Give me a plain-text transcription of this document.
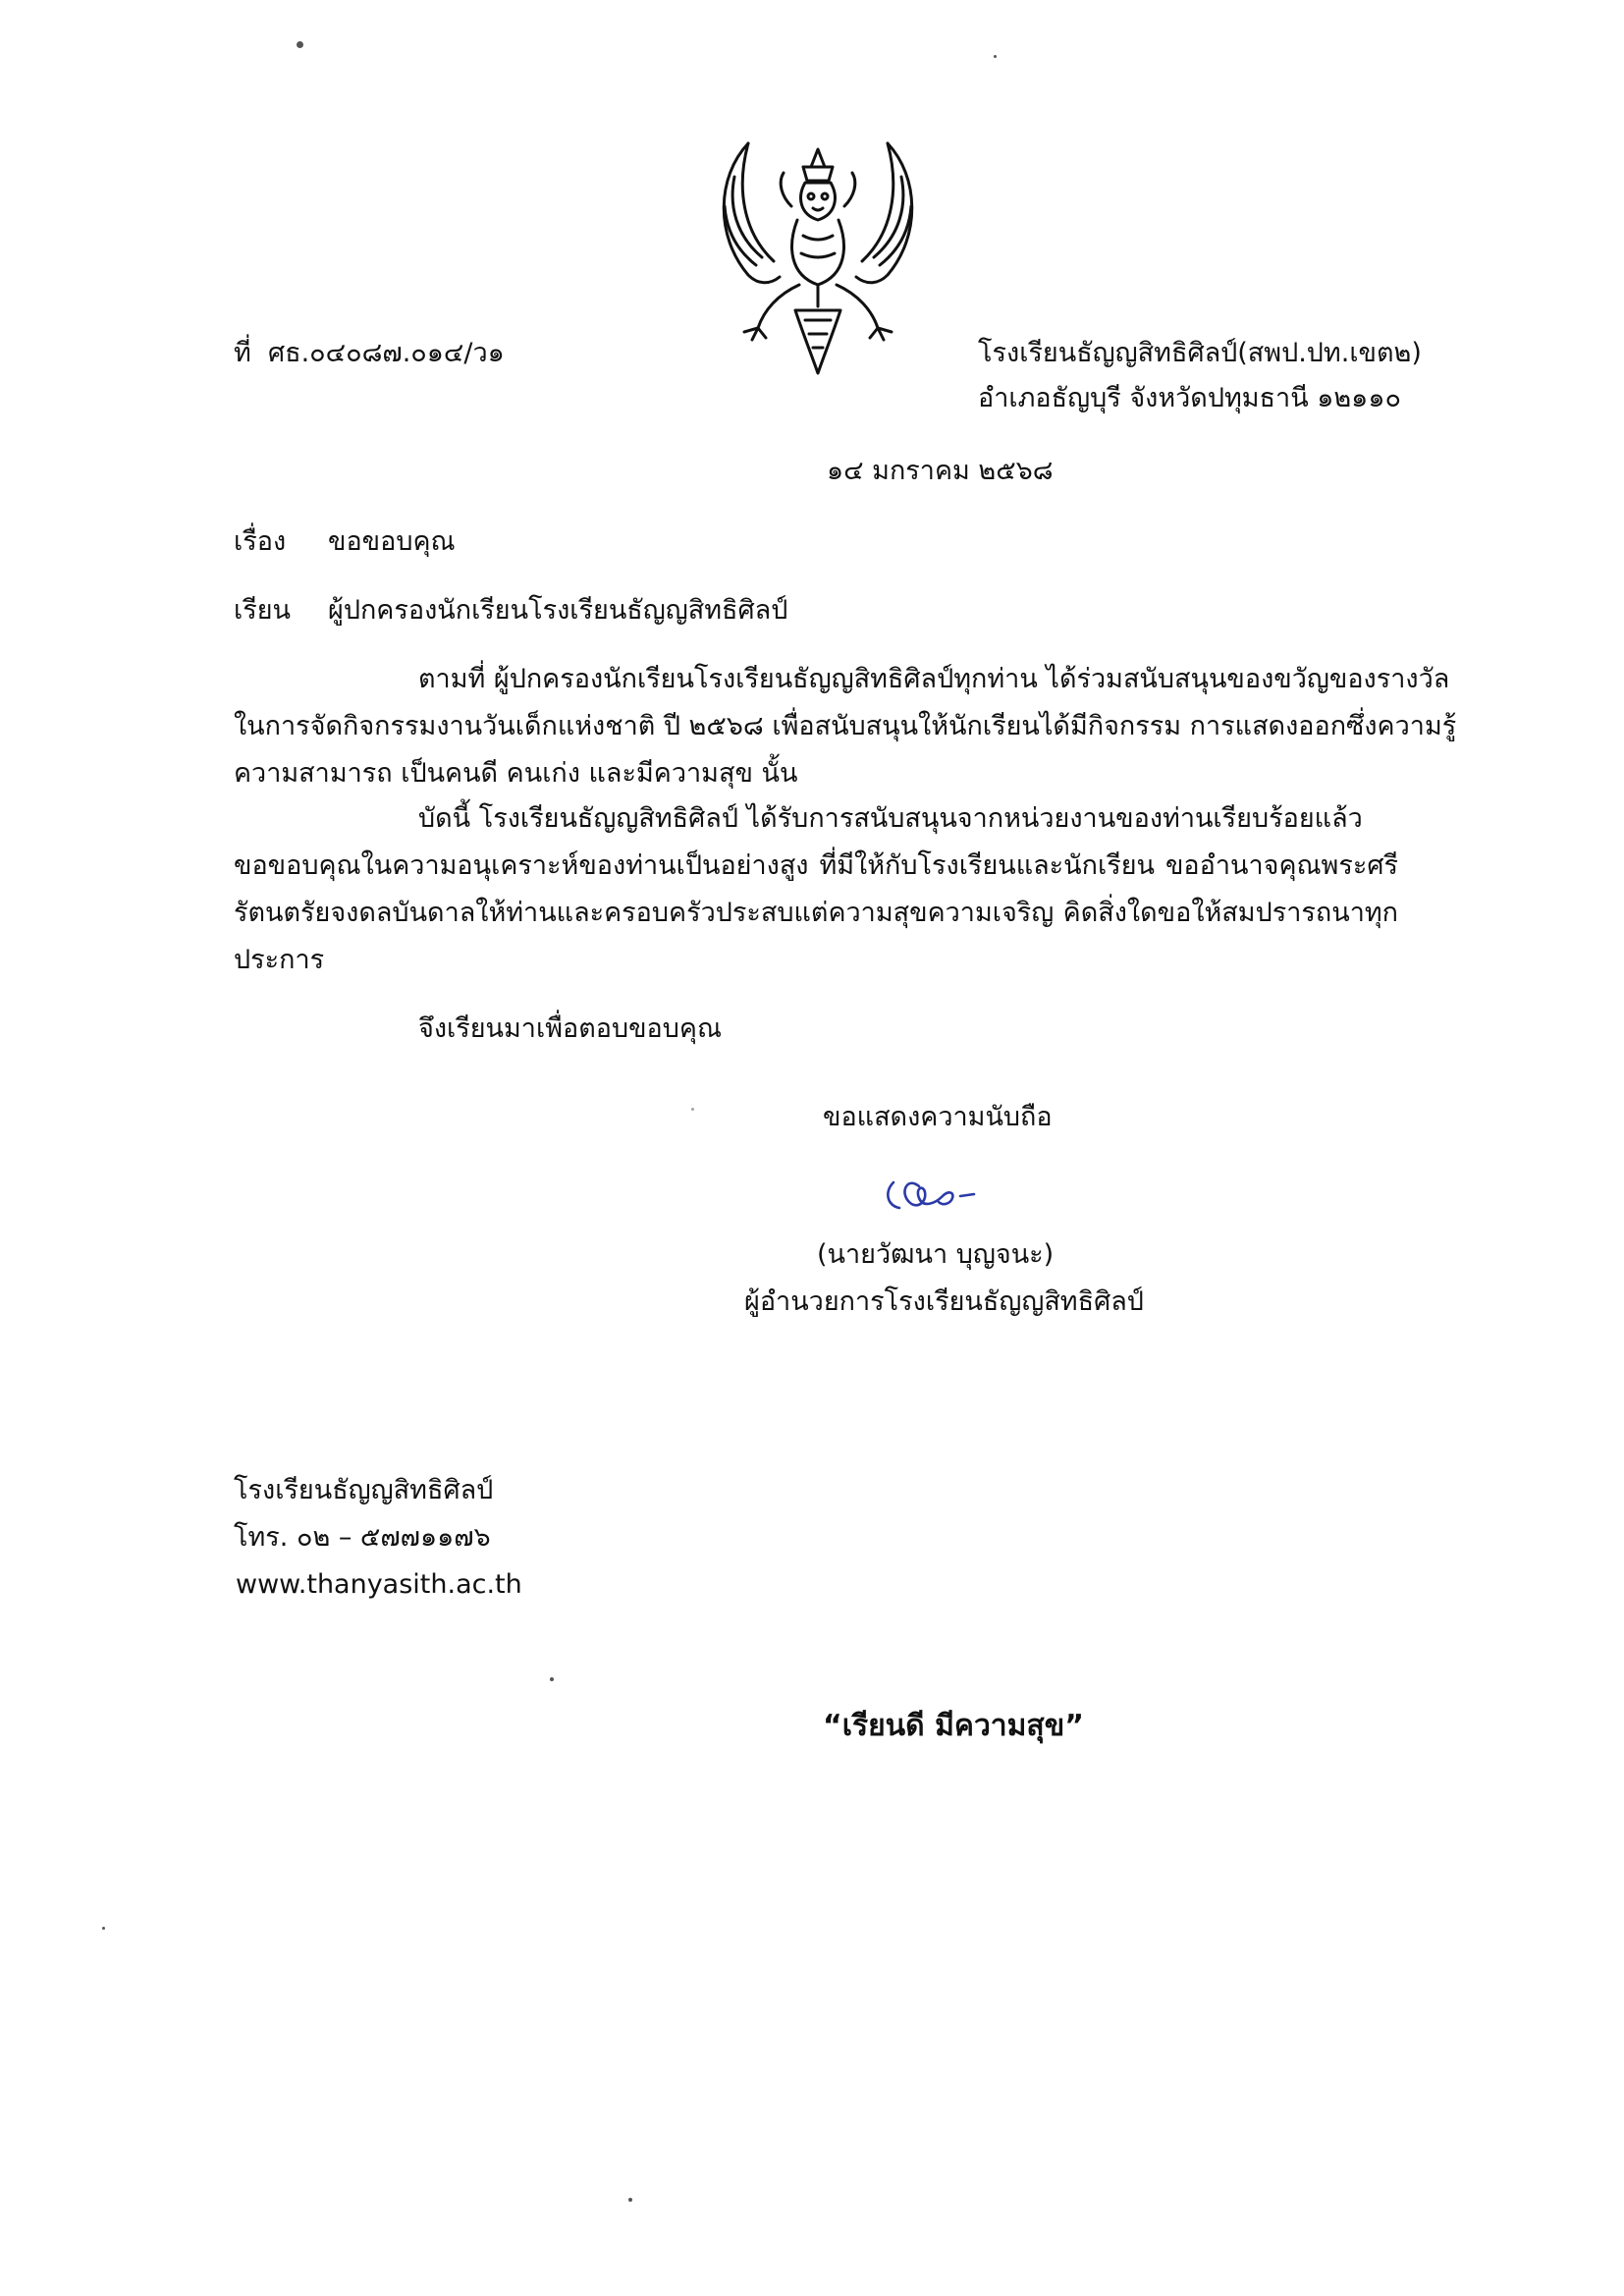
ที่ ศธ.๐๔๐๘๗.๐๑๔/ว๑	โรงเรียนธัญญสิทธิศิลป์(สพป.ปท.เขต๒)
อำเภอธัญบุรี จังหวัดปทุมธานี ๑๒๑๑๐
๑๔ มกราคม ๒๕๖๘
เรื่อง ขอขอบคุณ
เรียน ผู้ปกครองนักเรียนโรงเรียนธัญญสิทธิศิลป์
ตามที่ ผู้ปกครองนักเรียนโรงเรียนธัญญสิทธิศิลป์ทุกท่าน ได้ร่วมสนับสนุนของขวัญของรางวัล
ในการจัดกิจกรรมงานวันเด็กแห่งชาติ ปี ๒๕๖๘ เพื่อสนับสนุนให้นักเรียนได้มีกิจกรรม การแสดงออกซึ่งความรู้
ความสามารถ เป็นคนดี คนเก่ง และมีความสุข นั้น
บัดนี้ โรงเรียนธัญญสิทธิศิลป์ ได้รับการสนับสนุนจากหน่วยงานของท่านเรียบร้อยแล้ว
ขอขอบคุณในความอนุเคราะห์ของท่านเป็นอย่างสูง ที่มีให้กับโรงเรียนและนักเรียน ขออำนาจคุณพระศรี
รัตนตรัยจงดลบันดาลให้ท่านและครอบครัวประสบแต่ความสุขความเจริญ คิดสิ่งใดขอให้สมปรารถนาทุก
ประการ
จึงเรียนมาเพื่อตอบขอบคุณ
ขอแสดงความนับถือ
(นายวัฒนา บุญจนะ)
ผู้อำนวยการโรงเรียนธัญญสิทธิศิลป์
โรงเรียนธัญญสิทธิศิลป์
โทร. ๐๒ – ๕๗๗๑๑๗๖
www.thanyasith.ac.th
“เรียนดี มีความสุข”
